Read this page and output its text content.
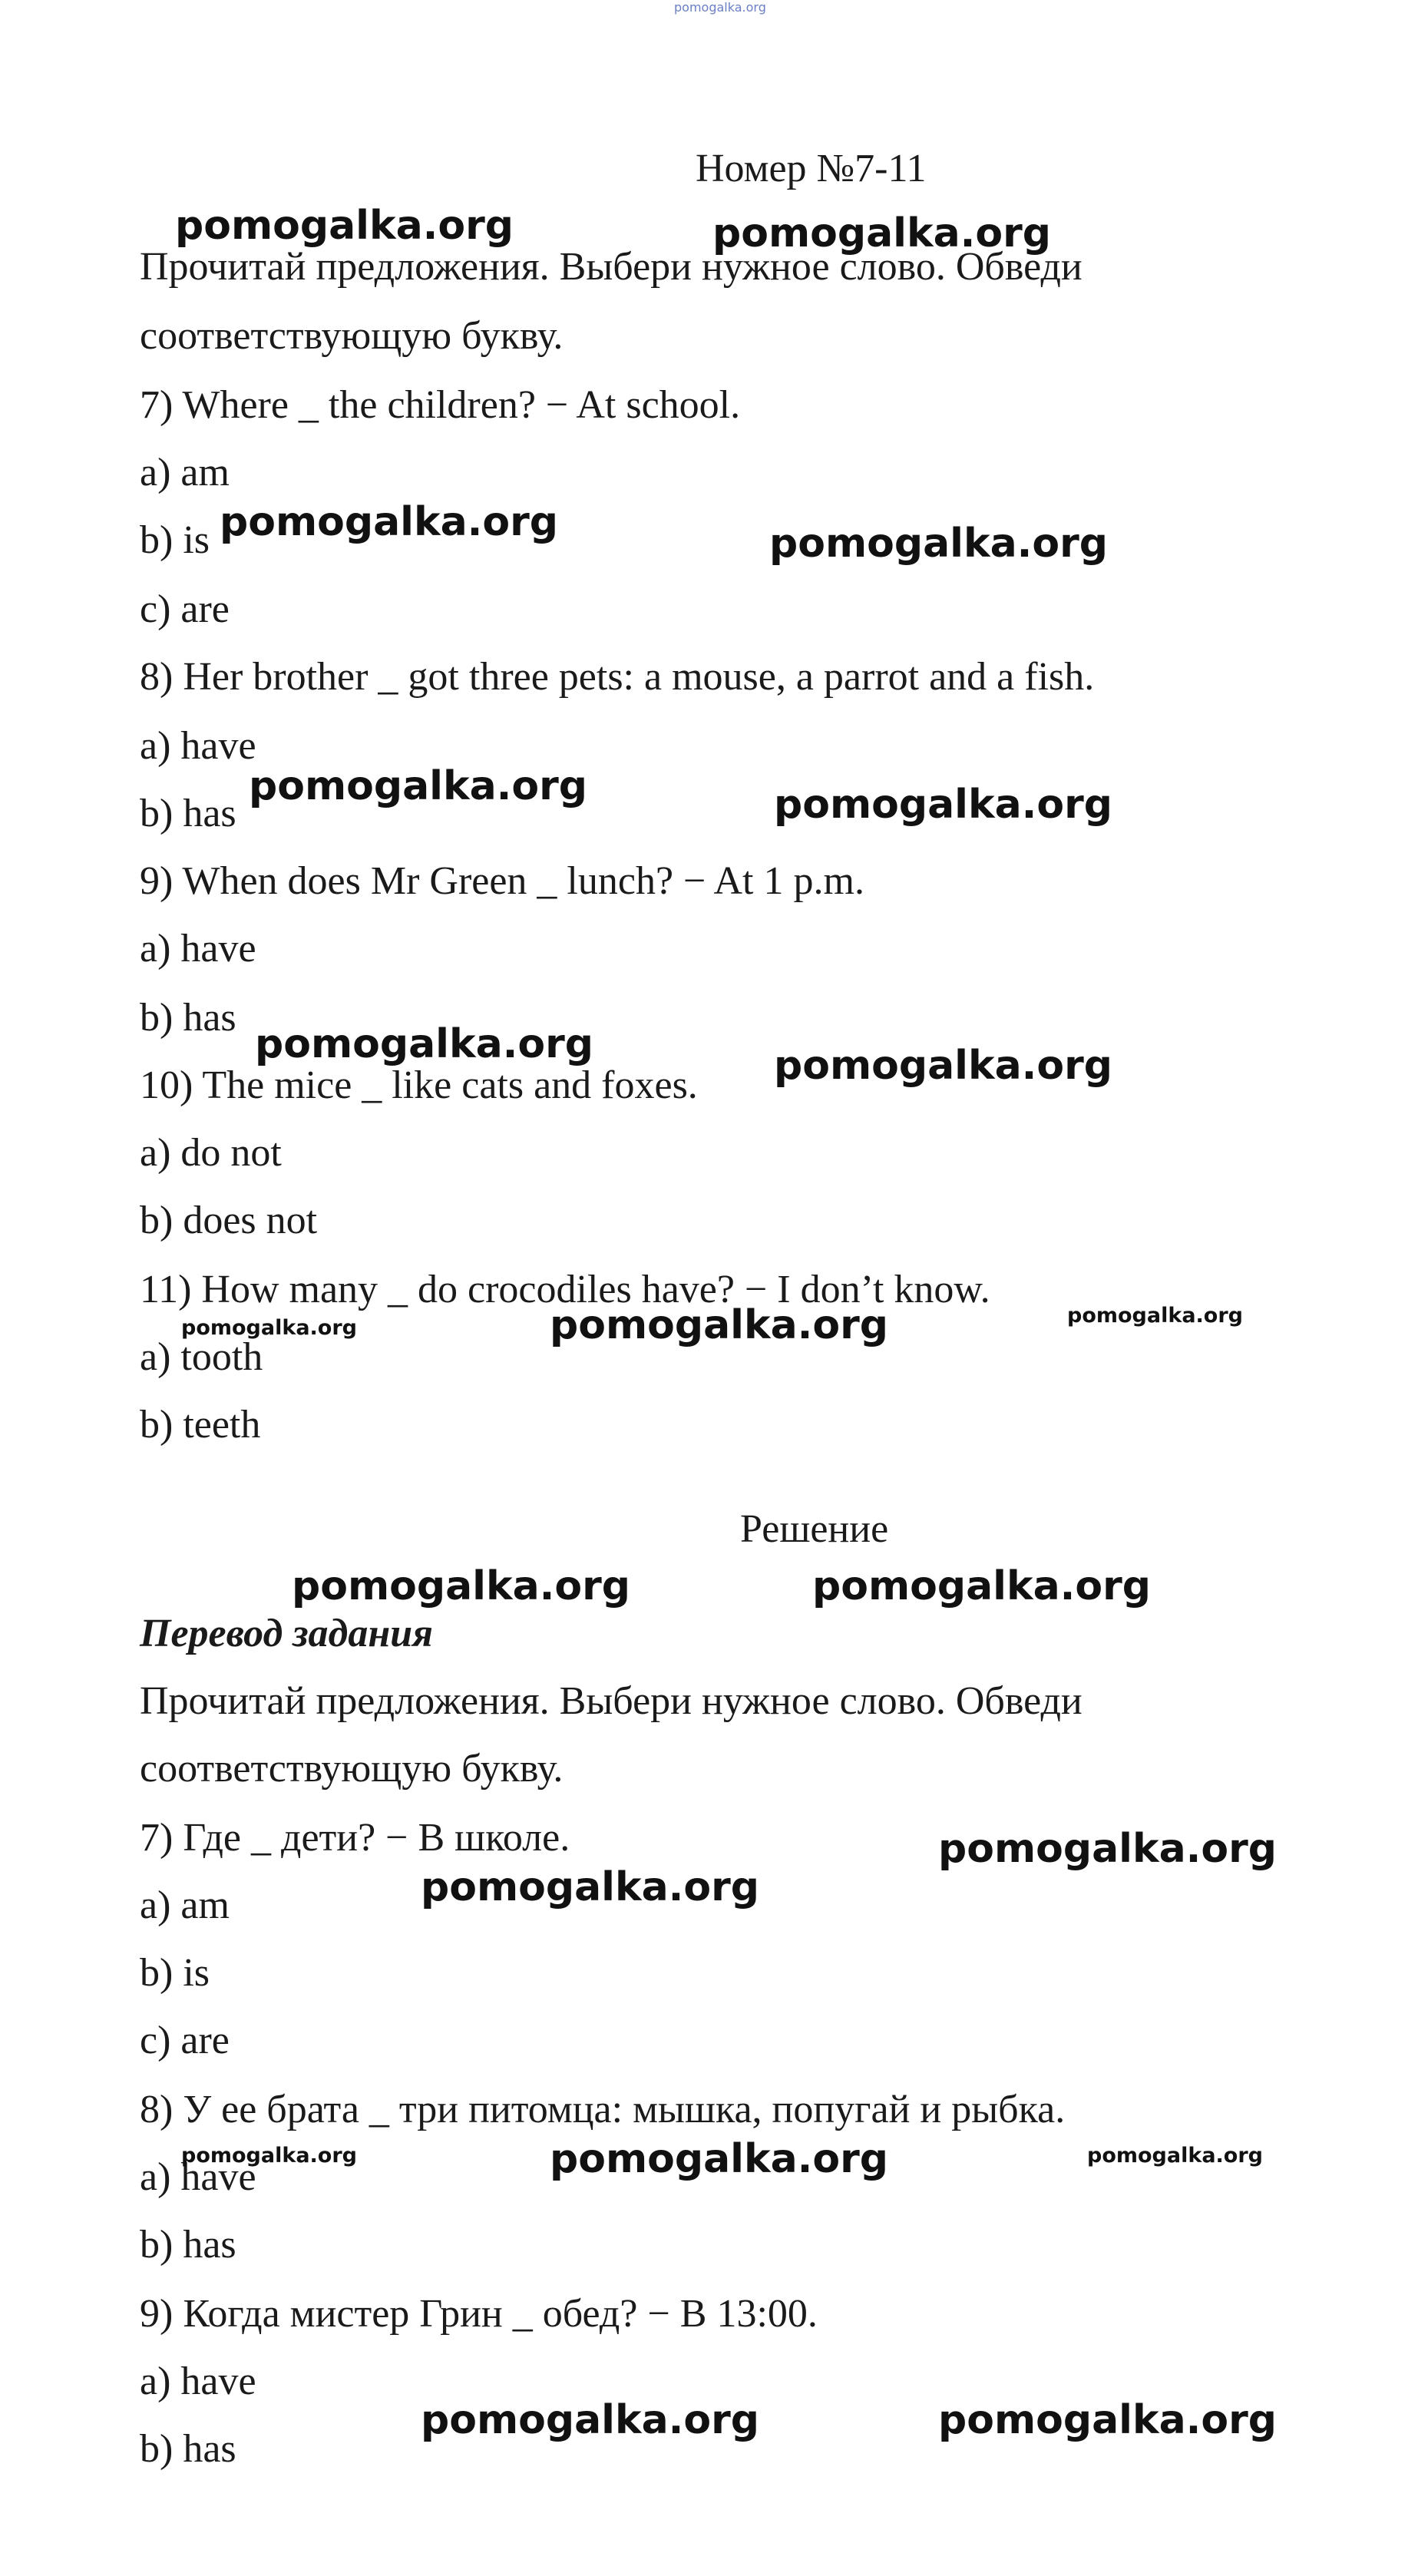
pomogalka.org
Номер №7-11
Прочитай предложения. Выбери нужное слово. Обведи
соответствующую букву.
7) Where _ the children? − At school.
a) am
b) is
c) are
8) Her brother _ got three pets: a mouse, a parrot and a fish.
a) have
b) has
9) When does Mr Green _ lunch? − At 1 p.m.
a) have
b) has
10) The mice _ like cats and foxes.
a) do not
b) does not
11) How many _ do crocodiles have? − I don’t know.
a) tooth
b) teeth
Решение
Перевод задания
Прочитай предложения. Выбери нужное слово. Обведи
соответствующую букву.
7) Где _ дети? − В школе.
a) am
b) is
c) are
8) У ее брата _ три питомца: мышка, попугай и рыбка.
a) have
b) has
9) Когда мистер Грин _ обед? − В 13:00.
a) have
b) has
pomogalka.org	pomogalka.org
pomogalka.org	pomogalka.org
pomogalka.org	pomogalka.org
pomogalka.org	pomogalka.org
pomogalka.org	pomogalka.org	pomogalka.org
pomogalka.org	pomogalka.org
pomogalka.org
pomogalka.org
pomogalka.org	pomogalka.org	pomogalka.org
pomogalka.org	pomogalka.org
